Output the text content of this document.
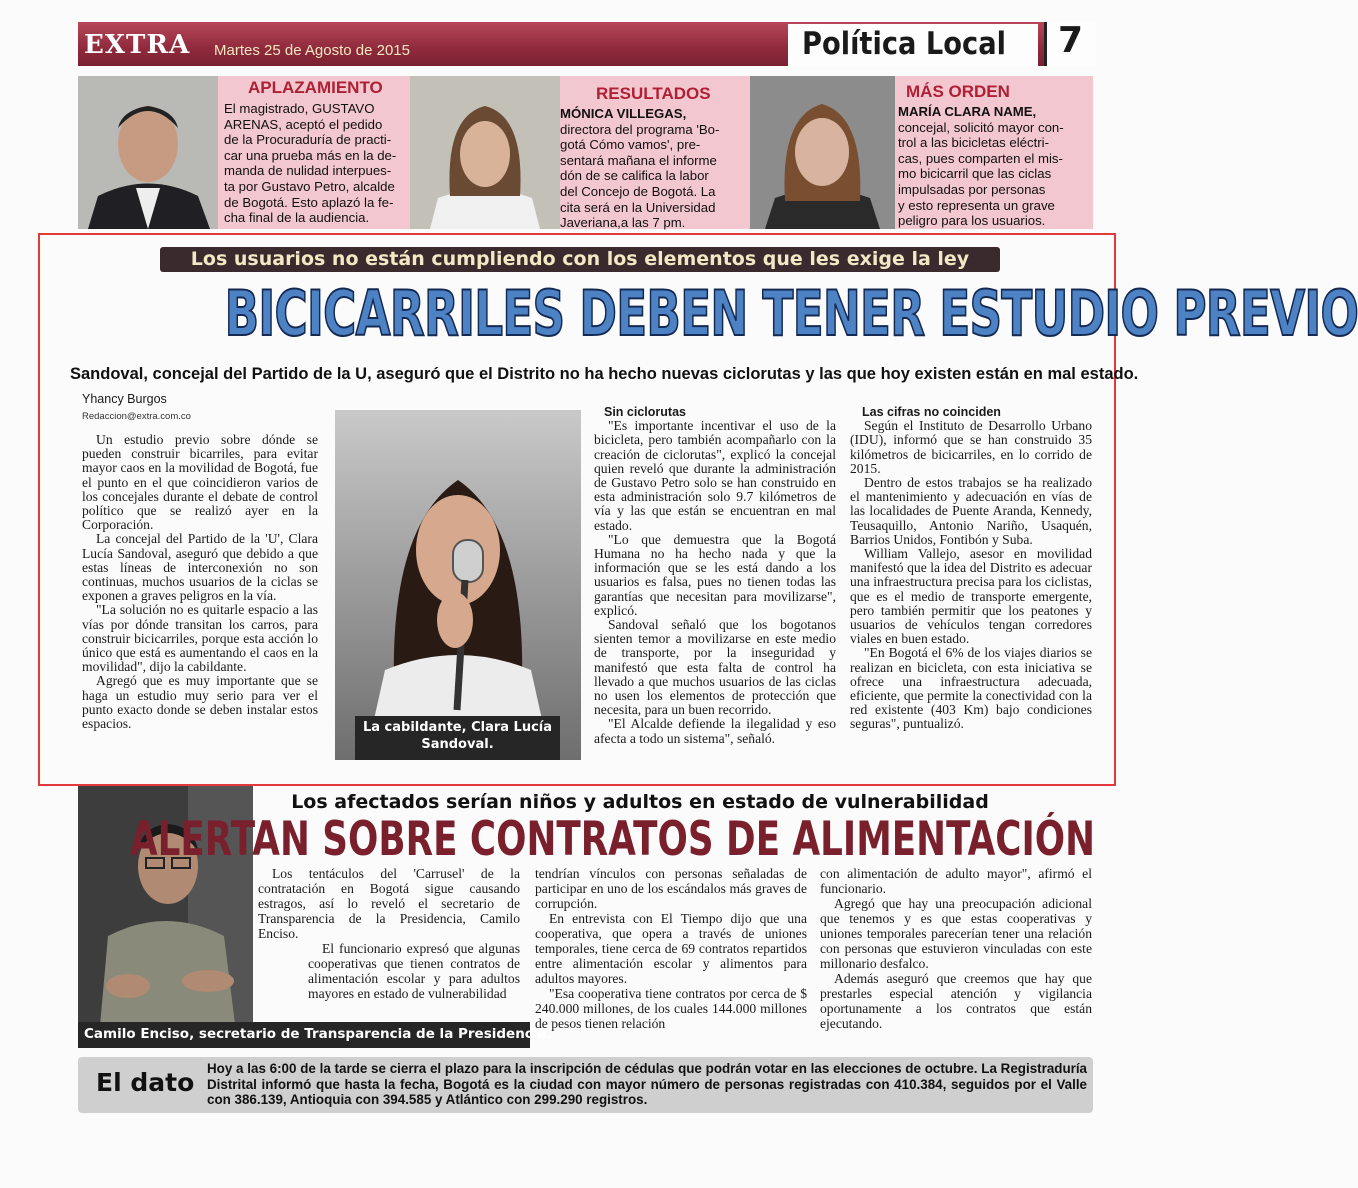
EXTRA Martes 25 de Agosto de 2015	Política Local 7
APLAZAMIENTO
El magistrado, GUSTAVO
ARENAS, aceptó el pedido
de la Procuraduría de practi-
car una prueba más en la de-
manda de nulidad interpues-
ta por Gustavo Petro, alcalde
de Bogotá. Esto aplazó la fe-
cha final de la audiencia.
RESULTADOS
MÓNICA VILLEGAS,
directora del programa 'Bo-
gotá Cómo vamos', pre-
sentará mañana el informe
dón de se califica la labor
del Concejo de Bogotá. La
cita será en la Universidad
Javeriana,a las 7 pm.
MÁS ORDEN
MARÍA CLARA NAME,
concejal, solicitó mayor con-
trol a las bicicletas eléctri-
cas, pues comparten el mis-
mo bicicarril que las ciclas
impulsadas por personas
y esto representa un grave
peligro para los usuarios.
Los usuarios no están cumpliendo con los elementos que les exige la ley
BICICARRILES DEBEN TENER ESTUDIO PREVIO
Sandoval, concejal del Partido de la U, aseguró que el Distrito no ha hecho nuevas ciclorutas y las que hoy existen están en mal estado.
Yhancy Burgos
Redaccion@extra.com.co

Un estudio previo sobre dónde se pueden construir bicarriles, para evitar mayor caos en la movilidad de Bogotá, fue el punto en el que coincidieron varios de los concejales durante el debate de control político que se realizó ayer en la Corporación.

La concejal del Partido de la 'U', Clara Lucía Sandoval, aseguró que debido a que estas líneas de interconexión no son continuas, muchos usuarios de la ciclas se exponen a graves peligros en la vía.

"La solución no es quitarle espacio a las vías por dónde transitan los carros, para construir bicicarriles, porque esta acción lo único que está es aumentando el caos en la movilidad", dijo la cabildante.

Agregó que es muy importante que se haga un estudio muy serio para ver el punto exacto donde se deben instalar estos espacios.	La cabildante, Clara Lucía
Sandoval.
Sin ciclorutas

"Es importante incentivar el uso de la bicicleta, pero también acompañarlo con la creación de ciclorutas", explicó la concejal quien reveló que durante la administración de Gustavo Petro solo se han construido en esta administración solo 9.7 kilómetros de vía y las que están se encuentran en mal estado.

"Lo que demuestra que la Bogotá Humana no ha hecho nada y que la información que se les está dando a los usuarios es falsa, pues no tienen todas las garantías que necesitan para movilizarse", explicó.

Sandoval señaló que los bogotanos sienten temor a movilizarse en este medio de transporte, por la inseguridad y manifestó que esta falta de control ha llevado a que muchos usuarios de las ciclas no usen los elementos de protección que necesita, para un buen recorrido.

"El Alcalde defiende la ilegalidad y eso afecta a todo un sistema", señaló.

Las cifras no coinciden

Según el Instituto de Desarrollo Urbano (IDU), informó que se han construido 35 kilómetros de bicicarriles, en lo corrido de 2015.

Dentro de estos trabajos se ha realizado el mantenimiento y adecuación en vías de las localidades de Puente Aranda, Kennedy, Teusaquillo, Antonio Nariño, Usaquén, Barrios Unidos, Fontibón y Suba.

William Vallejo, asesor en movilidad manifestó que la idea del Distrito es adecuar una infraestructura precisa para los ciclistas, que es el medio de transporte emergente, pero también permitir que los peatones y usuarios de vehículos tengan corredores viales en buen estado.

"En Bogotá el 6% de los viajes diarios se realizan en bicicleta, con esta iniciativa se ofrece una infraestructura adecuada, eficiente, que permite la conectividad con la red existente (403 Km) bajo condiciones seguras", puntualizó.

Los afectados serían niños y adultos en estado de vulnerabilidad
ALERTAN SOBRE CONTRATOS DE ALIMENTACIÓN
Camilo Enciso, secretario de Transparencia de la Presidencia.

Los tentáculos del 'Carrusel' de la contratación en Bogotá sigue causando estragos, así lo reveló el secretario de Transparencia de la Presidencia, Camilo Enciso.

El funcionario expresó que algunas cooperativas que tienen contratos de alimentación escolar y para adultos mayores en estado de vulnerabilidad

tendrían vínculos con personas señaladas de participar en uno de los escándalos más graves de corrupción.

En entrevista con El Tiempo dijo que una cooperativa, que opera a través de uniones temporales, tiene cerca de 69 contratos repartidos entre alimentación escolar y alimentos para adultos mayores.

"Esa cooperativa tiene contratos por cerca de $ 240.000 millones, de los cuales 144.000 millones de pesos tienen relación

con alimentación de adulto mayor", afirmó el funcionario.

Agregó que hay una preocupación adicional que tenemos y es que estas cooperativas y uniones temporales parecerían tener una relación con personas que estuvieron vinculadas con este millonario desfalco.

Además aseguró que creemos que hay que prestarles especial atención y vigilancia oportunamente a los contratos que están ejecutando.

El dato Hoy a las 6:00 de la tarde se cierra el plazo para la inscripción de cédulas que podrán votar en las elecciones de octubre. La Registraduría Distrital informó que hasta la fecha, Bogotá es la ciudad con mayor número de personas registradas con 410.384, seguidos por el Valle con 386.139, Antioquia con 394.585 y Atlántico con 299.290 registros.
